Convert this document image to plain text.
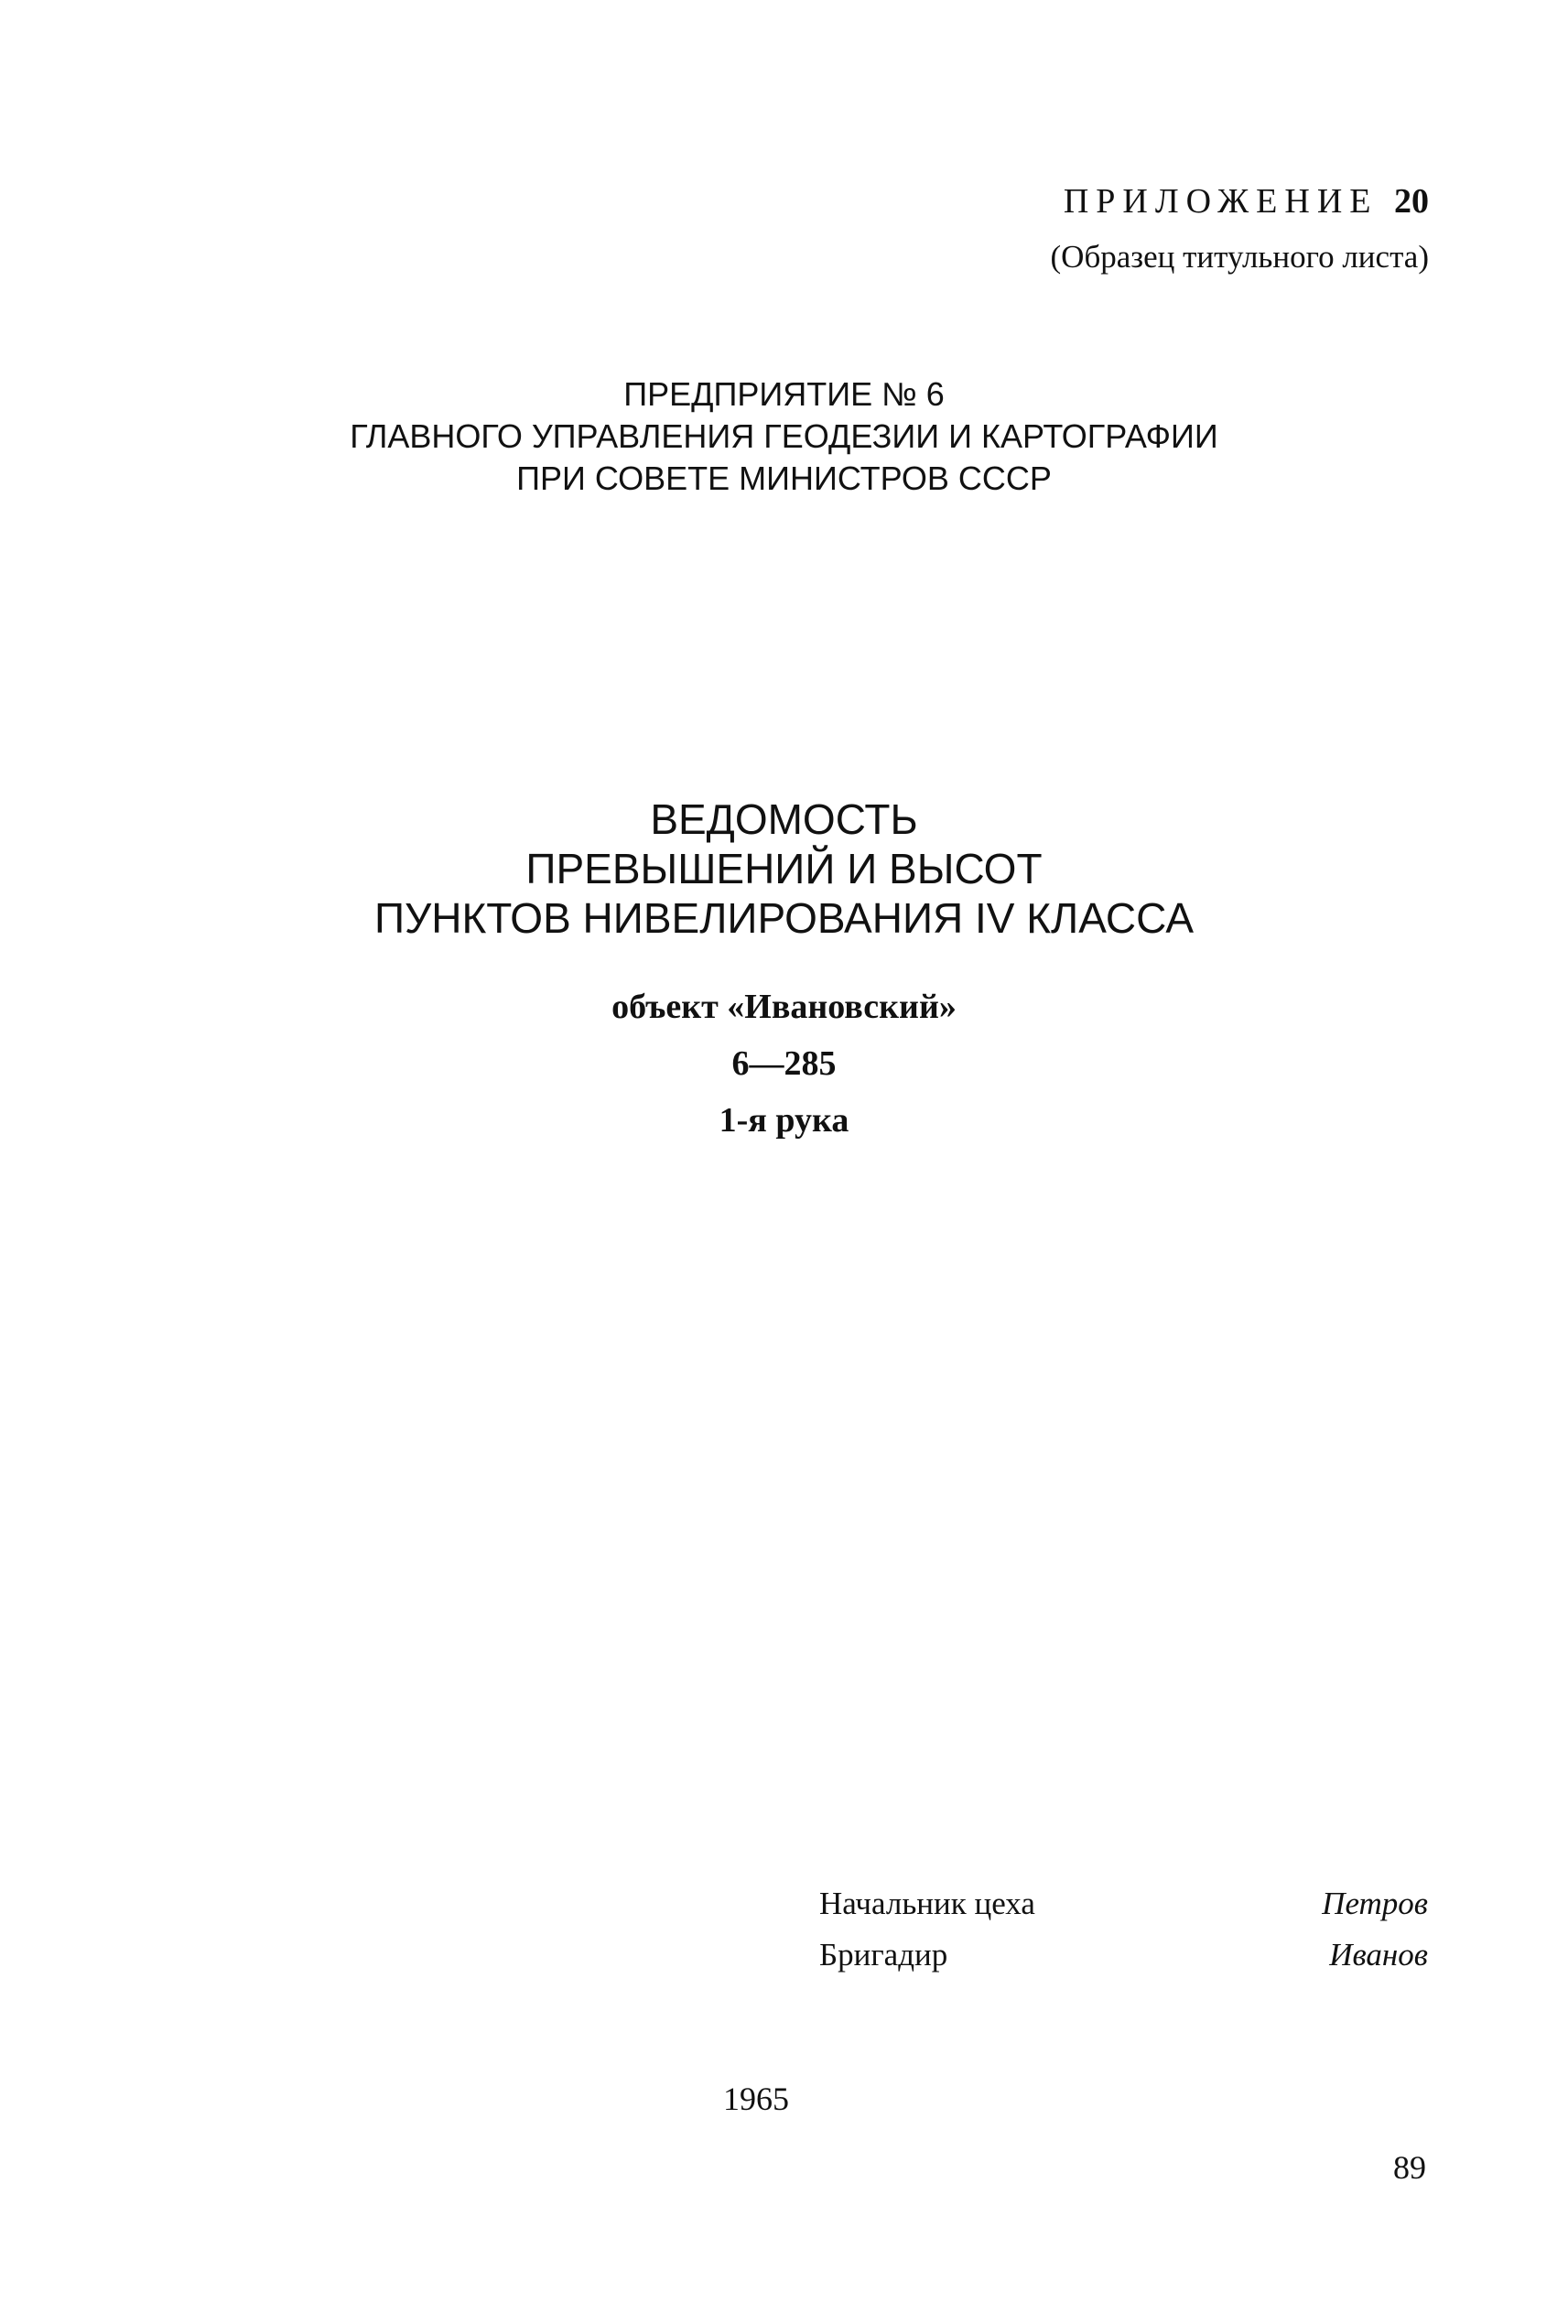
ПРИЛОЖЕНИЕ 20
(Образец титульного листа)
ПРЕДПРИЯТИЕ № 6
ГЛАВНОГО УПРАВЛЕНИЯ ГЕОДЕЗИИ И КАРТОГРАФИИ
ПРИ СОВЕТЕ МИНИСТРОВ СССР
ВЕДОМОСТЬ
ПРЕВЫШЕНИЙ И ВЫСОТ
ПУНКТОВ НИВЕЛИРОВАНИЯ IV КЛАССА
объект «Ивановский»
6—285
1-я рука
Начальник цеха	Петров
Бригадир	Иванов
1965
89
